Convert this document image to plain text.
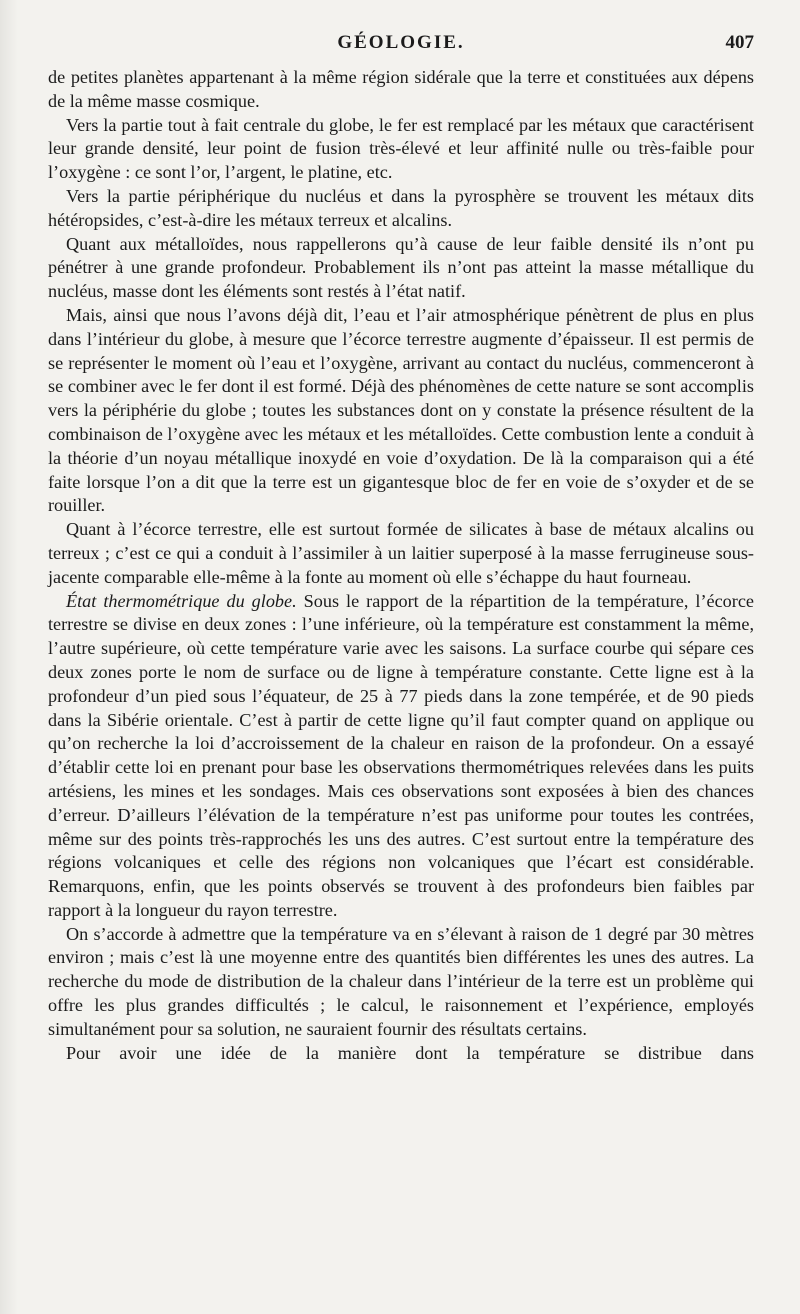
GÉOLOGIE.	407

de petites planètes appartenant à la même région sidérale que la terre et constituées aux dépens de la même masse cosmique.

Vers la partie tout à fait centrale du globe, le fer est remplacé par les métaux que caractérisent leur grande densité, leur point de fusion très-élevé et leur affinité nulle ou très-faible pour l’oxygène : ce sont l’or, l’argent, le platine, etc.

Vers la partie périphérique du nucléus et dans la pyrosphère se trouvent les métaux dits hétéropsides, c’est-à-dire les métaux terreux et alcalins.

Quant aux métalloïdes, nous rappellerons qu’à cause de leur faible densité ils n’ont pu pénétrer à une grande profondeur. Probablement ils n’ont pas atteint la masse métallique du nucléus, masse dont les éléments sont restés à l’état natif.

Mais, ainsi que nous l’avons déjà dit, l’eau et l’air atmosphérique pénètrent de plus en plus dans l’intérieur du globe, à mesure que l’écorce terrestre augmente d’épaisseur. Il est permis de se représenter le moment où l’eau et l’oxygène, arrivant au contact du nucléus, commenceront à se combiner avec le fer dont il est formé. Déjà des phénomènes de cette nature se sont accomplis vers la périphérie du globe ; toutes les substances dont on y constate la présence résultent de la combinaison de l’oxygène avec les métaux et les métalloïdes. Cette combustion lente a conduit à la théorie d’un noyau métallique inoxydé en voie d’oxydation. De là la comparaison qui a été faite lorsque l’on a dit que la terre est un gigantesque bloc de fer en voie de s’oxyder et de se rouiller.

Quant à l’écorce terrestre, elle est surtout formée de silicates à base de métaux alcalins ou terreux ; c’est ce qui a conduit à l’assimiler à un laitier superposé à la masse ferrugineuse sous-jacente comparable elle-même à la fonte au moment où elle s’échappe du haut fourneau.

État thermométrique du globe. Sous le rapport de la répartition de la température, l’écorce terrestre se divise en deux zones : l’une inférieure, où la température est constamment la même, l’autre supérieure, où cette température varie avec les saisons. La surface courbe qui sépare ces deux zones porte le nom de surface ou de ligne à température constante. Cette ligne est à la profondeur d’un pied sous l’équateur, de 25 à 77 pieds dans la zone tempérée, et de 90 pieds dans la Sibérie orientale. C’est à partir de cette ligne qu’il faut compter quand on applique ou qu’on recherche la loi d’accroissement de la chaleur en raison de la profondeur. On a essayé d’établir cette loi en prenant pour base les observations thermométriques relevées dans les puits artésiens, les mines et les sondages. Mais ces observations sont exposées à bien des chances d’erreur. D’ailleurs l’élévation de la température n’est pas uniforme pour toutes les contrées, même sur des points très-rapprochés les uns des autres. C’est surtout entre la température des régions volcaniques et celle des régions non volcaniques que l’écart est considérable. Remarquons, enfin, que les points observés se trouvent à des profondeurs bien faibles par rapport à la longueur du rayon terrestre.

On s’accorde à admettre que la température va en s’élevant à raison de 1 degré par 30 mètres environ ; mais c’est là une moyenne entre des quantités bien différentes les unes des autres. La recherche du mode de distribution de la chaleur dans l’intérieur de la terre est un problème qui offre les plus grandes difficultés ; le calcul, le raisonnement et l’expérience, employés simultanément pour sa solution, ne sauraient fournir des résultats certains.

Pour avoir une idée de la manière dont la température se distribue dans
